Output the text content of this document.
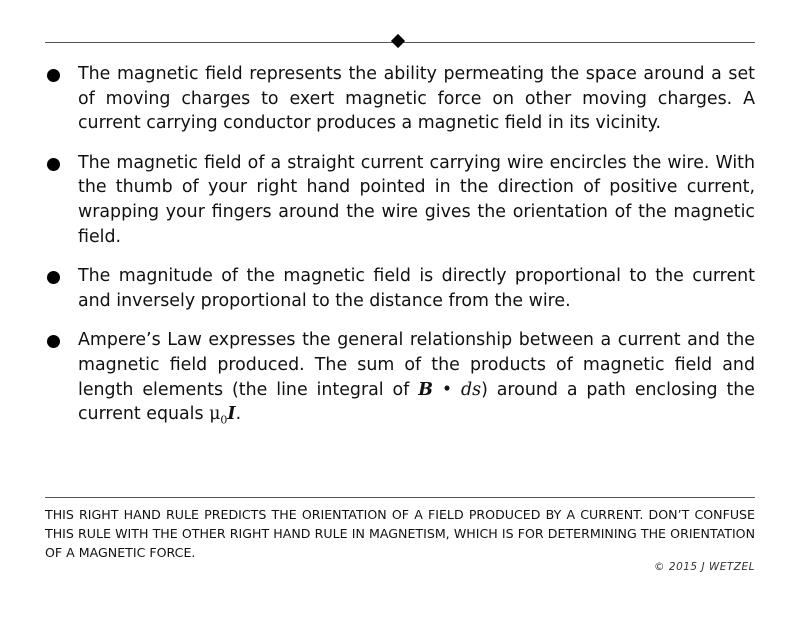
The magnetic field represents the ability permeating the space around a set of moving charges to exert magnetic force on other moving charges. A current carrying conductor produces a magnetic field in its vicinity.
The magnetic field of a straight current carrying wire encircles the wire. With the thumb of your right hand pointed in the direction of positive current, wrapping your fingers around the wire gives the orientation of the magnetic field.
The magnitude of the magnetic field is directly proportional to the current and inversely proportional to the distance from the wire.
Ampere’s Law expresses the general relationship between a current and the magnetic field produced. The sum of the products of magnetic field and length elements (the line integral of B • ds) around a path enclosing the current equals $\mu_0I$.

THIS RIGHT HAND RULE PREDICTS THE ORIENTATION OF A FIELD PRODUCED BY A CURRENT. DON’T CONFUSE THIS RULE WITH THE OTHER RIGHT HAND RULE IN MAGNETISM, WHICH IS FOR DETERMINING THE ORIENTATION OF A MAGNETIC FORCE.

© 2015 J WETZEL
